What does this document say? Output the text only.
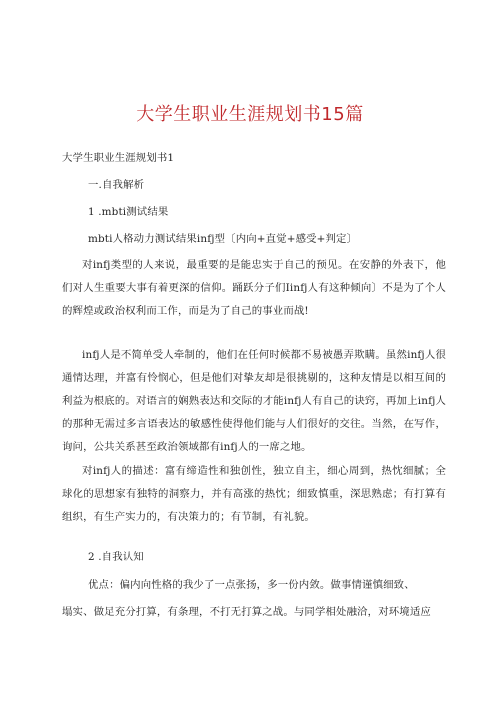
大学生职业生涯规划书15篇
大学生职业生涯规划书1
一.自我解析
1 .mbti测试结果
mbti人格动力测试结果infj型〔内向+直觉+感受+判定〕
对infj类型的人来说，最重要的是能忠实于自己的预见。在安静的外表下，他们对人生重要大事有着更深的信仰。踊跃分子们Iinfj人有这种倾向〕不是为了个人的辉煌或政治权利而工作，而是为了自己的事业而战!
infj人是不简单受人牵制的，他们在任何时候都不易被愚弄欺瞒。虽然infj人很通情达理，并富有怜悯心，但是他们对挚友却是很挑剔的，这种友情是以相互间的利益为根底的。对语言的娴熟表达和交际的才能infj人有自己的诀窍，再加上infj人的那种无需过多言语表达的敏感性使得他们能与人们很好的交往。当然，在写作，询问，公共关系甚至政治领域都有infj人的一席之地。
对infj人的描述：富有缔造性和独创性，独立自主，细心周到，热忱细腻；全球化的思想家有独特的洞察力，并有高涨的热忱；细致慎重，深思熟虑；有打算有组织，有生产实力的，有决策力的；有节制，有礼貌。
2 .自我认知
优点：偏内向性格的我少了一点张扬，多一份内敛。做事情谨慎细致、
塌实、做足充分打算，有条理，不打无打算之战。与同学相处融洽，对环境适应
